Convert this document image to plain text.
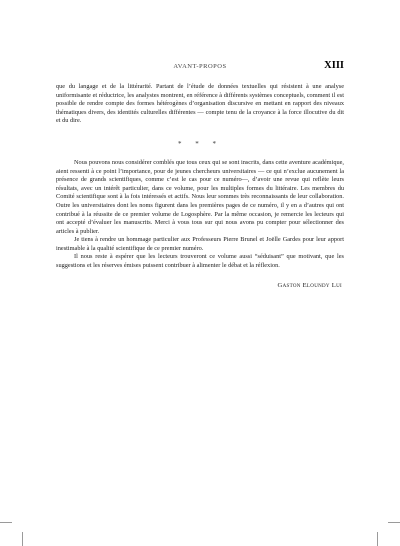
AVANT-PROPOS	XIII

que du langage et de la littérarité. Partant de l’étude de données textuelles qui résistent à une analyse uniformisante et réductrice, les analystes montrent, en référence à différents systèmes conceptuels, comment il est possible de rendre compte des formes hétérogènes d’organisation discursive en mettant en rapport des niveaux thématiques divers, des identités culturelles différentes — compte tenu de la croyance à la force illocutive du dit et du dire.

* * *

Nous pouvons nous considérer comblés que tous ceux qui se sont inscrits, dans cette aventure académique, aient ressenti à ce point l’importance, pour de jeunes chercheurs universitaires — ce qui n’exclue aucunement la présence de grands scientifiques, comme c’est le cas pour ce numéro—, d’avoir une revue qui reflète leurs résultats, avec un intérêt particulier, dans ce volume, pour les multiples formes du littéraire. Les membres du Comité scientifique sont à la fois intéressés et actifs. Nous leur sommes très reconnaissants de leur collaboration. Outre les universitaires dont les noms figurent dans les premières pages de ce numéro, il y en a d’autres qui ont contribué à la réussite de ce premier volume de Logosphère. Par la même occasion, je remercie les lecteurs qui ont accepté d’évaluer les manuscrits. Merci à vous tous sur qui nous avons pu compter pour sélectionner des articles à publier.

Je tiens à rendre un hommage particulier aux Professeurs Pierre Brunel et Joëlle Gardes pour leur apport inestimable à la qualité scientifique de ce premier numéro.

Il nous reste à espérer que les lecteurs trouveront ce volume aussi “séduisant” que motivant, que les suggestions et les réserves émises puissent contribuer à alimenter le débat et la réflexion.

Gaston Eloundy Lui
